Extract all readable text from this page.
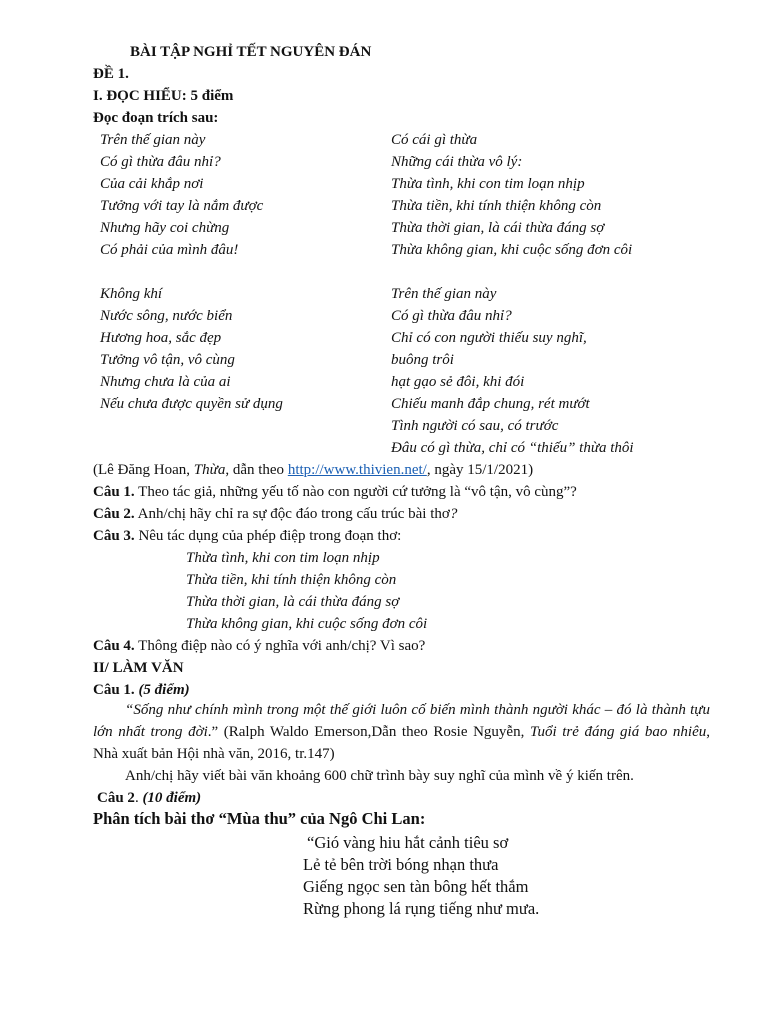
BÀI TẬP NGHỈ TẾT NGUYÊN ĐÁN
ĐỀ 1.
I. ĐỌC HIỂU: 5 điểm
Đọc đoạn trích sau:
Trên thế gian này
Có gì thừa đâu nhỉ?
Của cải khắp nơi
Tưởng với tay là nắm được
Nhưng hãy coi chừng
Có phải của mình đâu!
Có cái gì thừa
Những cái thừa vô lý:
Thừa tình, khi con tim loạn nhịp
Thừa tiền, khi tính thiện không còn
Thừa thời gian, là cái thừa đáng sợ
Thừa không gian, khi cuộc sống đơn côi
Không khí
Nước sông, nước biển
Hương hoa, sắc đẹp
Tưởng vô tận, vô cùng
Nhưng chưa là của ai
Nếu chưa được quyền sử dụng
Trên thế gian này
Có gì thừa đâu nhỉ?
Chỉ có con người thiếu suy nghĩ,
buông trôi
hạt gạo sẻ đôi, khi đói
Chiếu manh đắp chung, rét mướt
Tình người có sau, có trước
Đâu có gì thừa, chỉ có “thiếu” thừa thôi
(Lê Đăng Hoan, Thừa, dẫn theo http://www.thivien.net/, ngày 15/1/2021)
Câu 1. Theo tác giả, những yếu tố nào con người cứ tưởng là “vô tận, vô cùng”?
Câu 2. Anh/chị hãy chỉ ra sự độc đáo trong cấu trúc bài thơ?
Câu 3. Nêu tác dụng của phép điệp trong đoạn thơ:
Thừa tình, khi con tim loạn nhịp
Thừa tiền, khi tính thiện không còn
Thừa thời gian, là cái thừa đáng sợ
Thừa không gian, khi cuộc sống đơn côi
Câu 4. Thông điệp nào có ý nghĩa với anh/chị? Vì sao?
II/ LÀM VĂN
Câu 1. (5 điểm)
“Sống như chính mình trong một thế giới luôn cố biến mình thành người khác – đó là thành tựu lớn nhất trong đời.” (Ralph Waldo Emerson,Dẫn theo Rosie Nguyễn, Tuổi trẻ đáng giá bao nhiêu, Nhà xuất bản Hội nhà văn, 2016, tr.147)
Anh/chị hãy viết bài văn khoảng 600 chữ trình bày suy nghĩ của mình về ý kiến trên.
Câu 2. (10 điểm)
Phân tích bài thơ “Mùa thu” của Ngô Chi Lan:
“Gió vàng hiu hắt cảnh tiêu sơ
Lẻ tẻ bên trời bóng nhạn thưa
Giếng ngọc sen tàn bông hết thắm
Rừng phong lá rụng tiếng như mưa.
